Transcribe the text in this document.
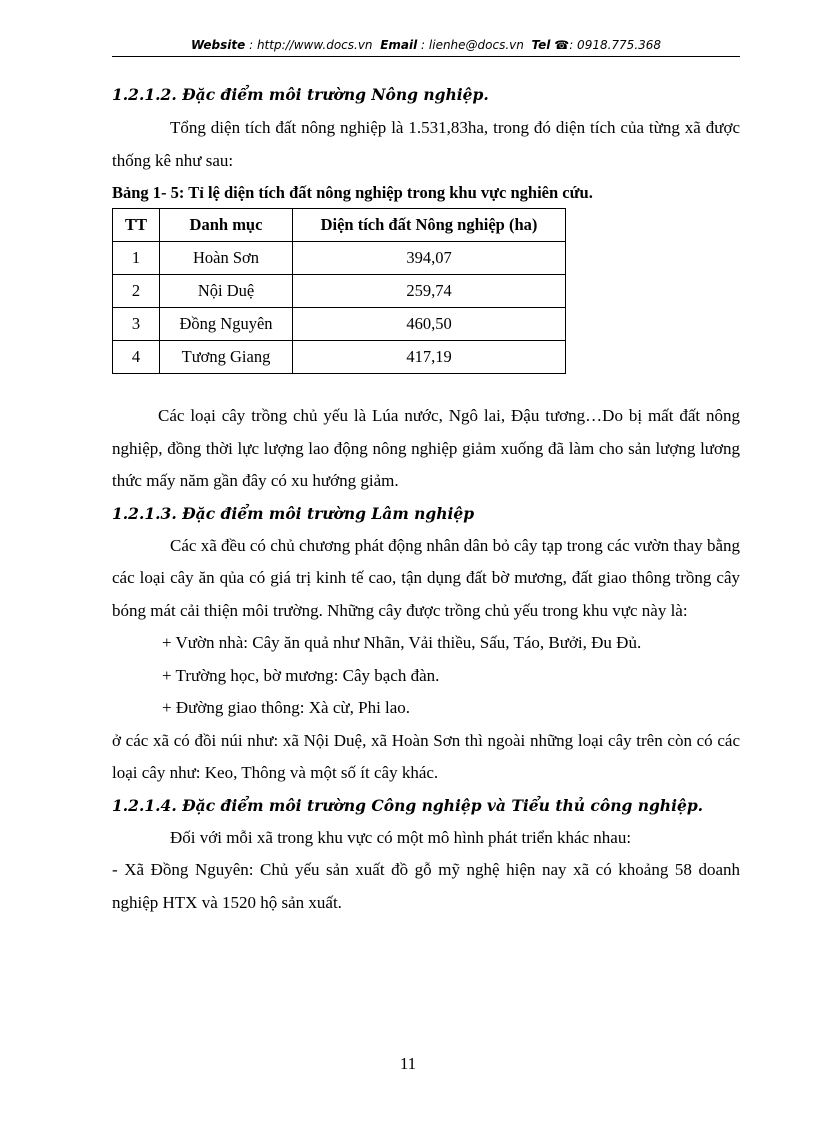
Website : http://www.docs.vn Email : lienhe@docs.vn Tel ☎: 0918.775.368
1.2.1.2. Đặc điểm môi trường Nông nghiệp.
Tổng diện tích đất nông nghiệp là 1.531,83ha, trong đó diện tích của từng xã được thống kê như sau:
Bảng 1- 5: Tỉ lệ diện tích đất nông nghiệp trong khu vực nghiên cứu.
TT	Danh mục	Diện tích đất Nông nghiệp (ha)
1	Hoàn Sơn	394,07
2	Nội Duệ	259,74
3	Đồng Nguyên	460,50
4	Tương Giang	417,19
Các loại cây trồng chủ yếu là Lúa nước, Ngô lai, Đậu tương…Do bị mất đất nông nghiệp, đồng thời lực lượng lao động nông nghiệp giảm xuống đã làm cho sản lượng lương thức mấy năm gần đây có xu hướng giảm.
1.2.1.3. Đặc điểm môi trường Lâm nghiệp
Các xã đều có chủ chương phát động nhân dân bỏ cây tạp trong các vườn thay bằng các loại cây ăn qủa có giá trị kinh tế cao, tận dụng đất bờ mương, đất giao thông trồng cây bóng mát cải thiện môi trường. Những cây được trồng chủ yếu trong khu vực này là:
+ Vườn nhà: Cây ăn quả như Nhãn, Vải thiều, Sấu, Táo, Bưởi, Đu Đủ.
+ Trường học, bờ mương: Cây bạch đàn.
+ Đường giao thông: Xà cừ, Phi lao.
ở các xã có đồi núi như: xã Nội Duệ, xã Hoàn Sơn thì ngoài những loại cây trên còn có các loại cây như: Keo, Thông và một số ít cây khác.
1.2.1.4. Đặc điểm môi trường Công nghiệp và Tiểu thủ công nghiệp.
Đối với mỗi xã trong khu vực có một mô hình phát triển khác nhau:
- Xã Đồng Nguyên: Chủ yếu sản xuất đồ gỗ mỹ nghệ hiện nay xã có khoảng 58 doanh nghiệp HTX và 1520 hộ sản xuất.
11
